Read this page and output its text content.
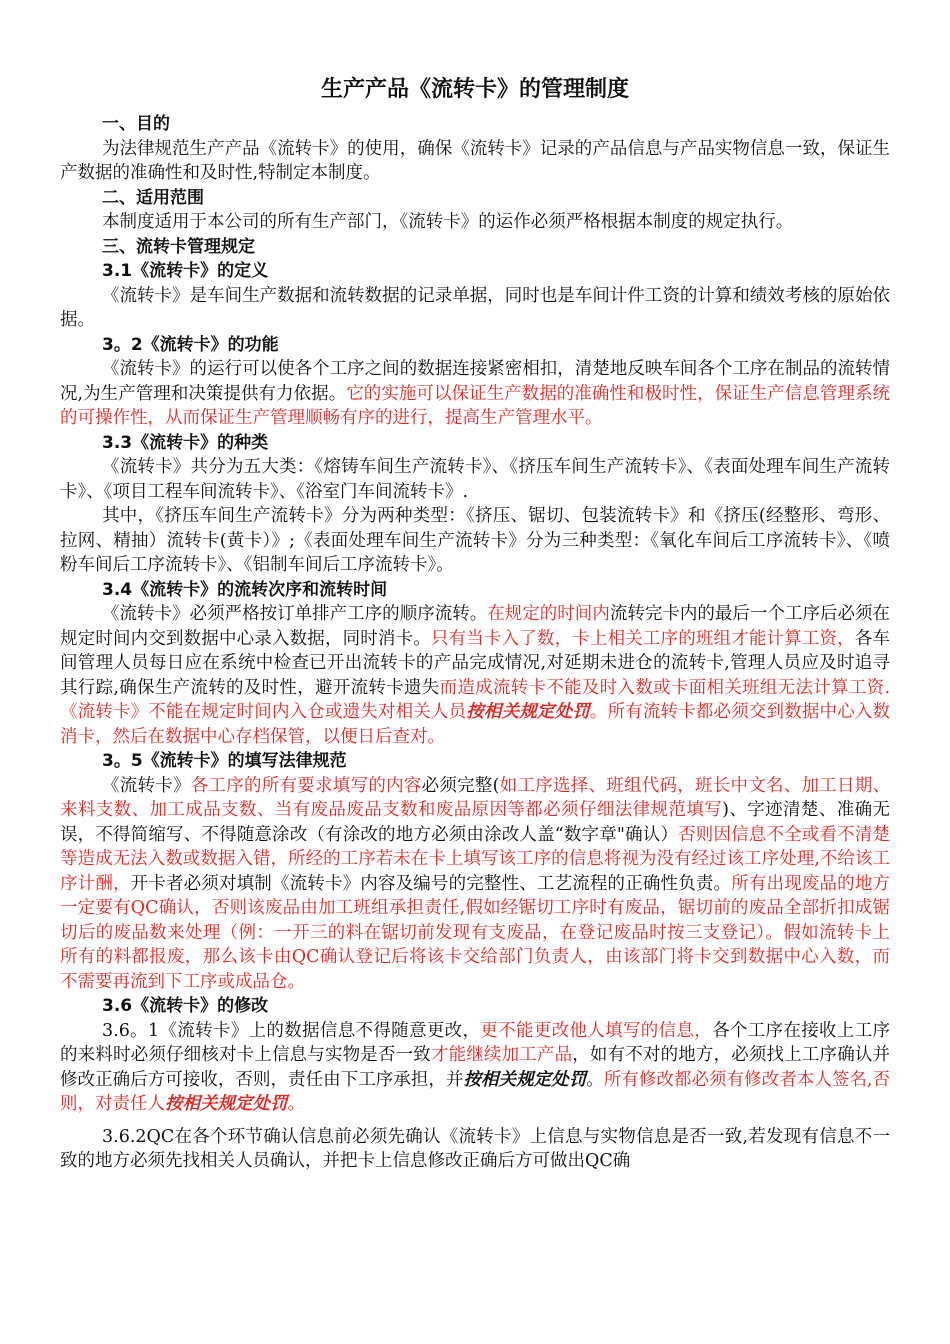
生产产品《流转卡》的管理制度
一、目的
为法律规范生产产品《流转卡》的使用，确保《流转卡》记录的产品信息与产品实物信息一致，保证生产数据的准确性和及时性,特制定本制度。
二、适用范围
本制度适用于本公司的所有生产部门，《流转卡》的运作必须严格根据本制度的规定执行。
三、流转卡管理规定
3.1《流转卡》的定义
《流转卡》是车间生产数据和流转数据的记录单据，同时也是车间计件工资的计算和绩效考核的原始依据。
3。2《流转卡》的功能
《流转卡》的运行可以使各个工序之间的数据连接紧密相扣，清楚地反映车间各个工序在制品的流转情况,为生产管理和决策提供有力依据。它的实施可以保证生产数据的准确性和极时性，保证生产信息管理系统的可操作性，从而保证生产管理顺畅有序的进行，提高生产管理水平。
3.3《流转卡》的种类
《流转卡》共分为五大类：《熔铸车间生产流转卡》、《挤压车间生产流转卡》、《表面处理车间生产流转卡》、《项目工程车间流转卡》、《浴室门车间流转卡》.
其中，《挤压车间生产流转卡》分为两种类型：《挤压、锯切、包装流转卡》和《挤压(经整形、弯形、拉网、精抽）流转卡(黄卡）》;《表面处理车间生产流转卡》分为三种类型：《氧化车间后工序流转卡》、《喷粉车间后工序流转卡》、《铝制车间后工序流转卡》。
3.4《流转卡》的流转次序和流转时间
《流转卡》必须严格按订单排产工序的顺序流转。在规定的时间内流转完卡内的最后一个工序后必须在规定时间内交到数据中心录入数据，同时消卡。只有当卡入了数，卡上相关工序的班组才能计算工资，各车间管理人员每日应在系统中检查已开出流转卡的产品完成情况,对延期未进仓的流转卡,管理人员应及时追寻其行踪,确保生产流转的及时性，避开流转卡遗失而造成流转卡不能及时入数或卡面相关班组无法计算工资.《流转卡》不能在规定时间内入仓或遗失对相关人员按相关规定处罚。所有流转卡都必须交到数据中心入数消卡，然后在数据中心存档保管，以便日后查对。
3。5《流转卡》的填写法律规范
《流转卡》各工序的所有要求填写的内容必须完整(如工序选择、班组代码，班长中文名、加工日期、来料支数、加工成品支数、当有废品废品支数和废品原因等都必须仔细法律规范填写)、字迹清楚、准确无误，不得简缩写、不得随意涂改（有涂改的地方必须由涂改人盖“数字章"确认）否则因信息不全或看不清楚等造成无法入数或数据入错，所经的工序若未在卡上填写该工序的信息将视为没有经过该工序处理,不给该工序计酬，开卡者必须对填制《流转卡》内容及编号的完整性、工艺流程的正确性负责。所有出现废品的地方一定要有QC确认，否则该废品由加工班组承担责任,假如经锯切工序时有废品，锯切前的废品全部折扣成锯切后的废品数来处理（例：一开三的料在锯切前发现有支废品，在登记废品时按三支登记）。假如流转卡上所有的料都报废，那么该卡由QC确认登记后将该卡交给部门负责人，由该部门将卡交到数据中心入数，而不需要再流到下工序或成品仓。
3.6《流转卡》的修改
3.6。1《流转卡》上的数据信息不得随意更改，更不能更改他人填写的信息，各个工序在接收上工序的来料时必须仔细核对卡上信息与实物是否一致才能继续加工产品，如有不对的地方，必须找上工序确认并修改正确后方可接收，否则，责任由下工序承担，并按相关规定处罚。所有修改都必须有修改者本人签名,否则，对责任人按相关规定处罚。
3.6.2QC在各个环节确认信息前必须先确认《流转卡》上信息与实物信息是否一致,若发现有信息不一致的地方必须先找相关人员确认，并把卡上信息修改正确后方可做出QC确
